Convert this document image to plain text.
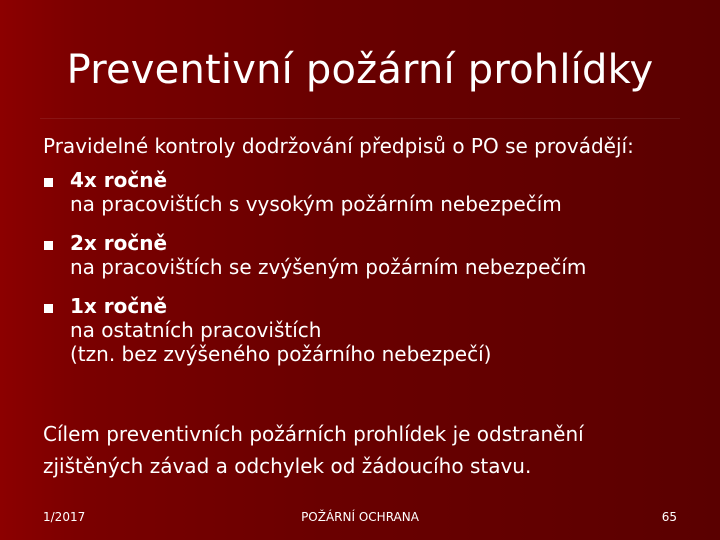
Preventivní požární prohlídky
Pravidelné kontroly dodržování předpisů o PO se provádějí:
4x ročně
na pracovištích s vysokým požárním nebezpečím
2x ročně
na pracovištích se zvýšeným požárním nebezpečím
1x ročně
na ostatních pracovištích
(tzn. bez zvýšeného požárního nebezpečí)
Cílem preventivních požárních prohlídek je odstranění
zjištěných závad a odchylek od žádoucího stavu.
1/2017	POŽÁRNÍ OCHRANA	65
